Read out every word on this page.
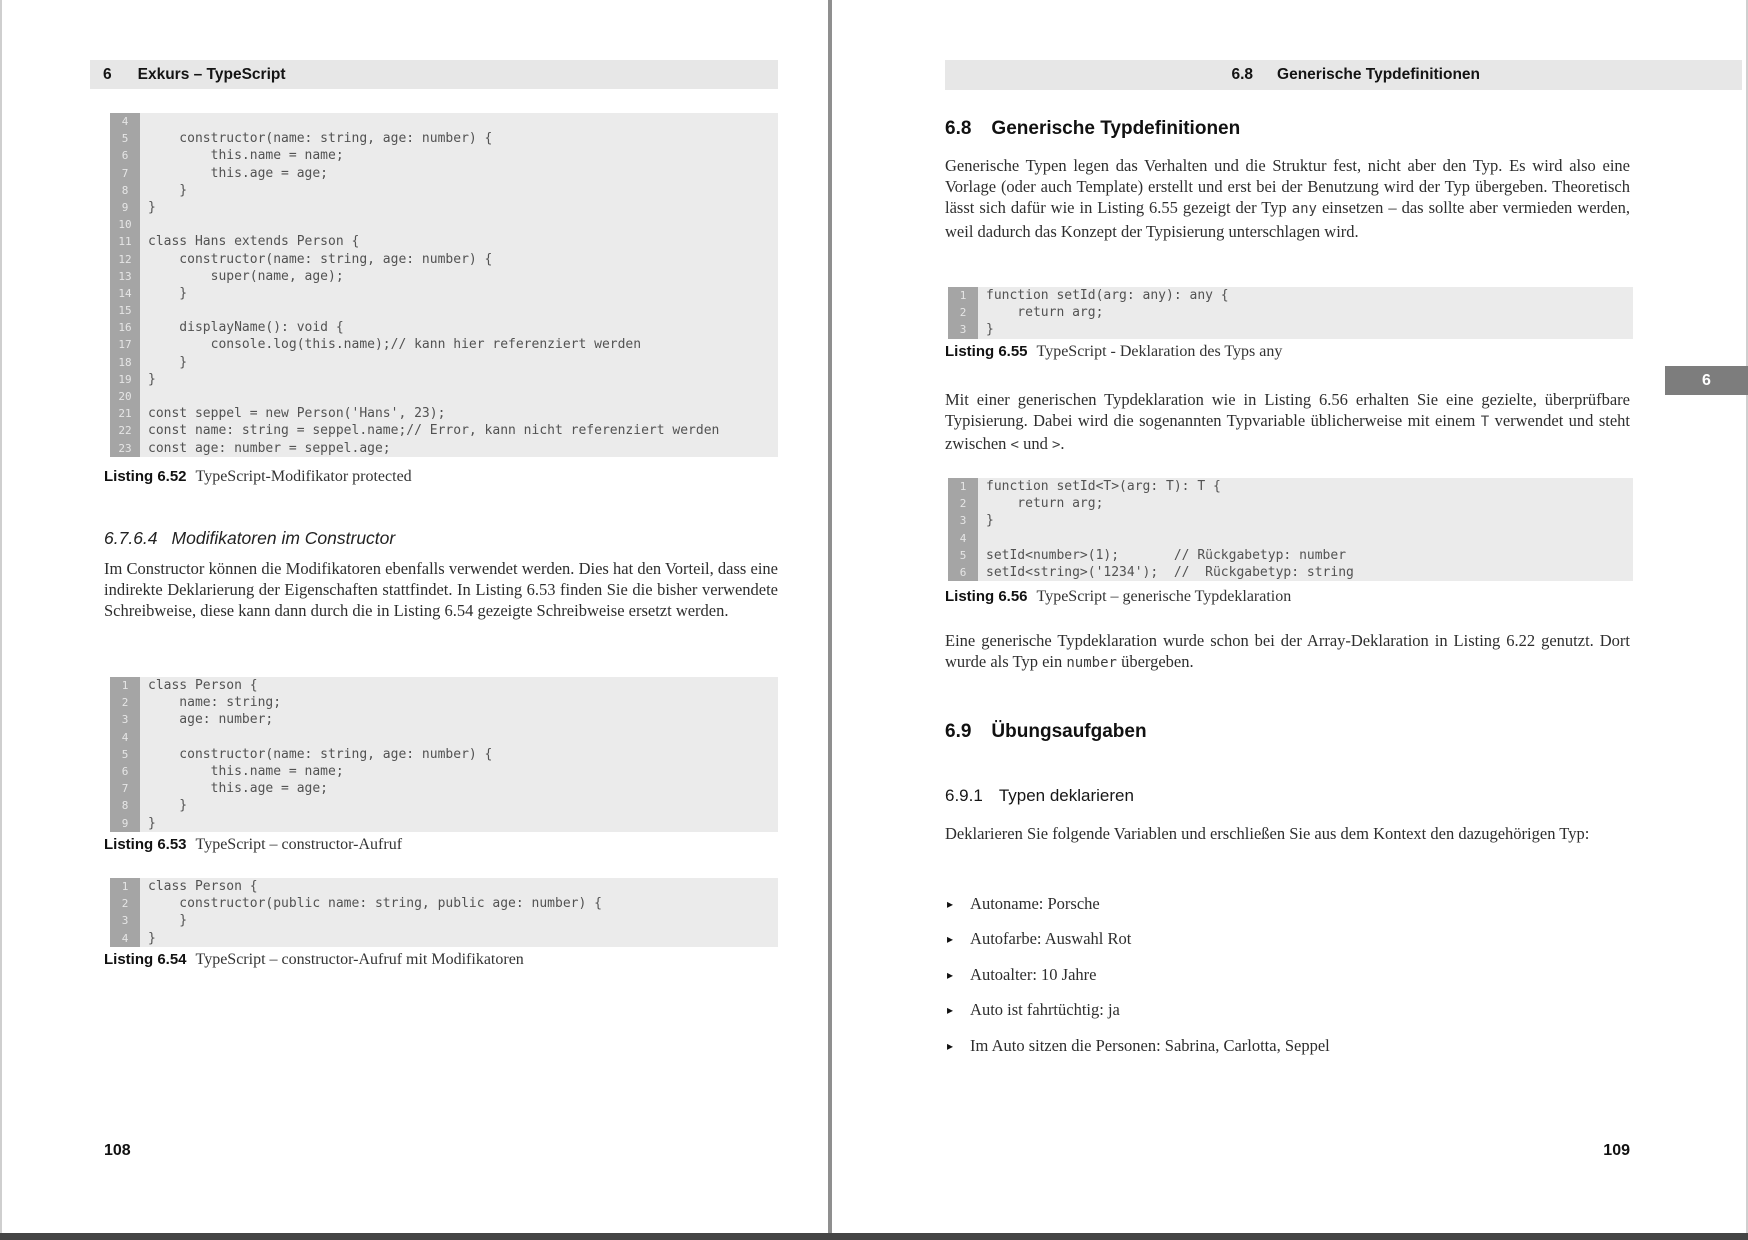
6 Exkurs – TypeScript
4
5	constructor(name: string, age: number) {
6	this.name = name;
7	this.age = age;
8	}
9	}
10
11	class Hans extends Person {
12	constructor(name: string, age: number) {
13	super(name, age);
14	}
15
16	displayName(): void {
17	console.log(this.name);// kann hier referenziert werden
18	}
19	}
20
21	const seppel = new Person('Hans', 23);
22	const name: string = seppel.name;// Error, kann nicht referenziert werden
23	const age: number = seppel.age;
Listing 6.52 TypeScript-Modifikator protected
6.7.6.4 Modifikatoren im Constructor
Im Constructor können die Modifikatoren ebenfalls verwendet werden. Dies hat den Vorteil, dass eine indirekte Deklarierung der Eigenschaften stattfindet. In Listing 6.53 finden Sie die bisher verwendete Schreibweise, diese kann dann durch die in Listing 6.54 gezeigte Schreibweise ersetzt werden.
1	class Person {
2	name: string;
3	age: number;
4
5	constructor(name: string, age: number) {
6	this.name = name;
7	this.age = age;
8	}
9	}
Listing 6.53 TypeScript – constructor-Aufruf
1	class Person {
2	constructor(public name: string, public age: number) {
3	}
4	}
Listing 6.54 TypeScript – constructor-Aufruf mit Modifikatoren
108
6.8 Generische Typdefinitionen
6.8 Generische Typdefinitionen
Generische Typen legen das Verhalten und die Struktur fest, nicht aber den Typ. Es wird also eine Vorlage (oder auch Template) erstellt und erst bei der Benutzung wird der Typ übergeben. Theoretisch lässt sich dafür wie in Listing 6.55 gezeigt der Typ any einsetzen – das sollte aber vermieden werden, weil dadurch das Konzept der Typisierung unterschlagen wird.
1	function setId(arg: any): any {
2	return arg;
3	}
Listing 6.55 TypeScript - Deklaration des Typs any
6
Mit einer generischen Typdeklaration wie in Listing 6.56 erhalten Sie eine gezielte, überprüfbare Typisierung. Dabei wird die sogenannten Typvariable üblicherweise mit einem T verwendet und steht zwischen < und >.
1	function setId<T>(arg: T): T {
2	return arg;
3	}
4
5	setId<number>(1);       // Rückgabetyp: number
6	setId<string>('1234');  //  Rückgabetyp: string
Listing 6.56 TypeScript – generische Typdeklaration
Eine generische Typdeklaration wurde schon bei der Array-Deklaration in Listing 6.22 genutzt. Dort wurde als Typ ein number übergeben.
6.9 Übungsaufgaben
6.9.1 Typen deklarieren
Deklarieren Sie folgende Variablen und erschließen Sie aus dem Kontext den dazugehörigen Typ:
▸ Autoname: Porsche
▸ Autofarbe: Auswahl Rot
▸ Autoalter: 10 Jahre
▸ Auto ist fahrtüchtig: ja
▸ Im Auto sitzen die Personen: Sabrina, Carlotta, Seppel
109
